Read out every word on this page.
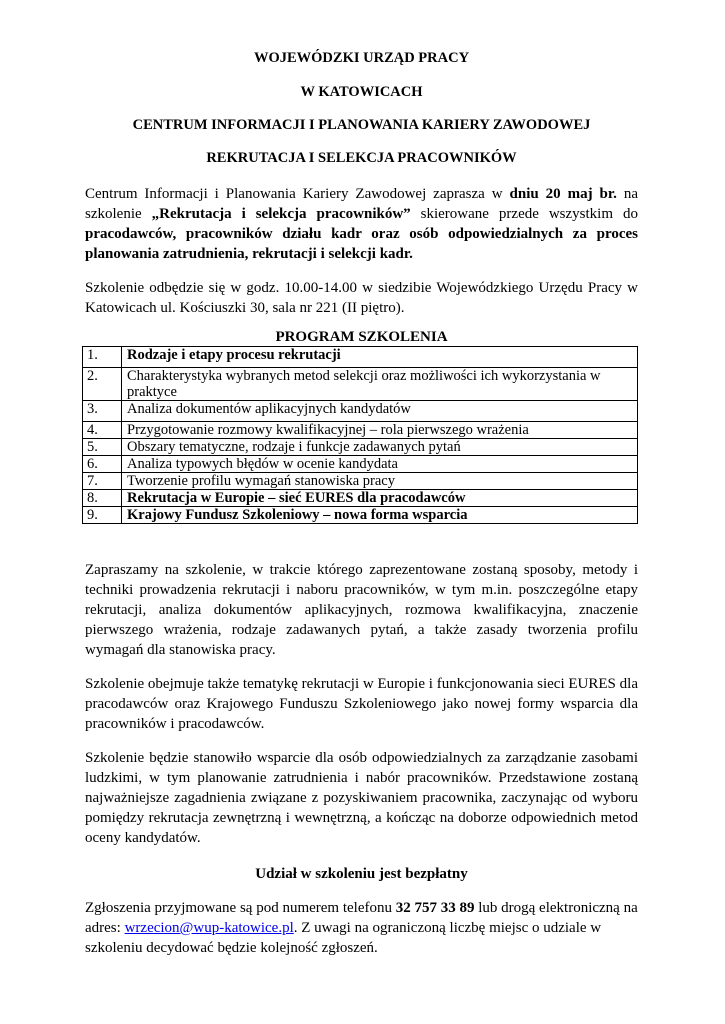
WOJEWÓDZKI URZĄD PRACY
W KATOWICACH
CENTRUM INFORMACJI I PLANOWANIA KARIERY ZAWODOWEJ
REKRUTACJA I SELEKCJA PRACOWNIKÓW

Centrum Informacji i Planowania Kariery Zawodowej zaprasza w dniu 20 maj br. na szkolenie „Rekrutacja i selekcja pracowników” skierowane przede wszystkim do pracodawców, pracowników działu kadr oraz osób odpowiedzialnych za proces planowania zatrudnienia, rekrutacji i selekcji kadr.

Szkolenie odbędzie się w godz. 10.00-14.00 w siedzibie Wojewódzkiego Urzędu Pracy w Katowicach ul. Kościuszki 30, sala nr 221 (II piętro).

PROGRAM SZKOLENIA
1.	Rodzaje i etapy procesu rekrutacji
2.	Charakterystyka wybranych metod selekcji oraz możliwości ich wykorzystania w praktyce
3.	Analiza dokumentów aplikacyjnych kandydatów
4.	Przygotowanie rozmowy kwalifikacyjnej – rola pierwszego wrażenia
5.	Obszary tematyczne, rodzaje i funkcje zadawanych pytań
6.	Analiza typowych błędów w ocenie kandydata
7.	Tworzenie profilu wymagań stanowiska pracy
8.	Rekrutacja w Europie – sieć EURES dla pracodawców
9.	Krajowy Fundusz Szkoleniowy – nowa forma wsparcia

Zapraszamy na szkolenie, w trakcie którego zaprezentowane zostaną sposoby, metody i techniki prowadzenia rekrutacji i naboru pracowników, w tym m.in. poszczególne etapy rekrutacji, analiza dokumentów aplikacyjnych, rozmowa kwalifikacyjna, znaczenie pierwszego wrażenia, rodzaje zadawanych pytań, a także zasady tworzenia profilu wymagań dla stanowiska pracy.

Szkolenie obejmuje także tematykę rekrutacji w Europie i funkcjonowania sieci EURES dla pracodawców oraz Krajowego Funduszu Szkoleniowego jako nowej formy wsparcia dla pracowników i pracodawców.

Szkolenie będzie stanowiło wsparcie dla osób odpowiedzialnych za zarządzanie zasobami ludzkimi, w tym planowanie zatrudnienia i nabór pracowników. Przedstawione zostaną najważniejsze zagadnienia związane z pozyskiwaniem pracownika, zaczynając od wyboru pomiędzy rekrutacja zewnętrzną i wewnętrzną, a kończąc na doborze odpowiednich metod oceny kandydatów.

Udział w szkoleniu jest bezpłatny

Zgłoszenia przyjmowane są pod numerem telefonu 32 757 33 89 lub drogą elektroniczną na adres: wrzecion@wup-katowice.pl. Z uwagi na ograniczoną liczbę miejsc o udziale w szkoleniu decydować będzie kolejność zgłoszeń.
